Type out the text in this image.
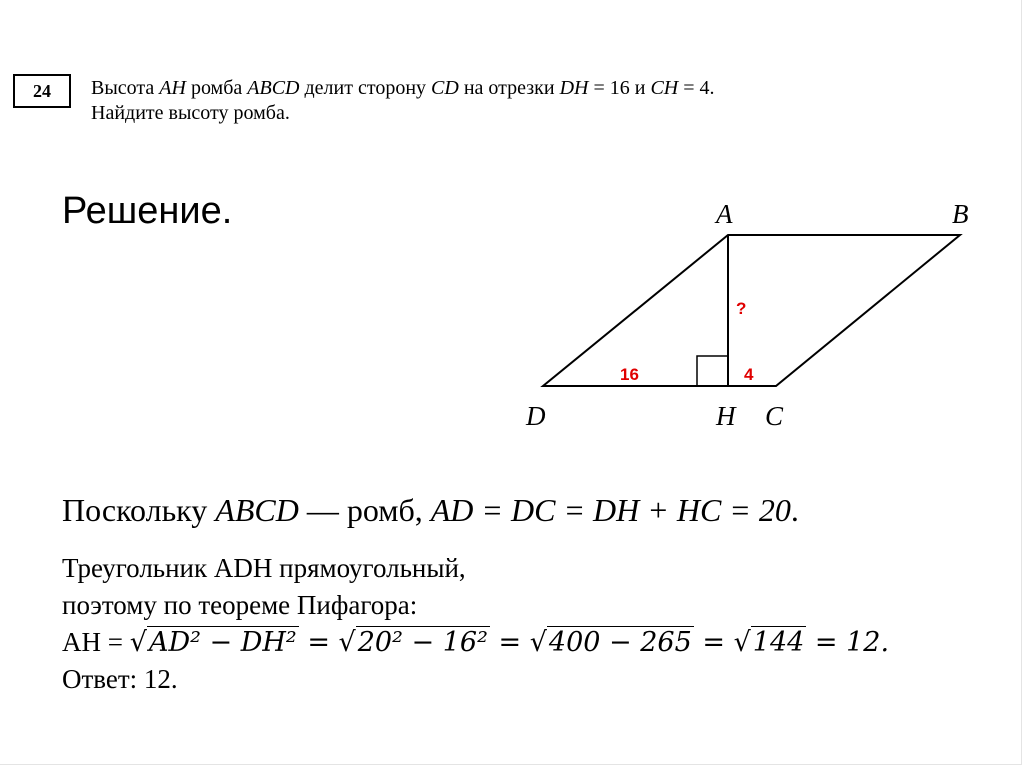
24 Высота AH ромба ABCD делит сторону CD на отрезки DH = 16 и CH = 4.
Найдите высоту ромба.
Решение.	A	B
D	H C
16	4
?
Поскольку ABCD — ромб, AD = DC = DH + HC = 20.
Треугольник ADH прямоугольный,
поэтому по теореме Пифагора:
АН = √AD² − DH² = √20² − 16² = √400 − 265 = √144 = 12.
Ответ: 12.
